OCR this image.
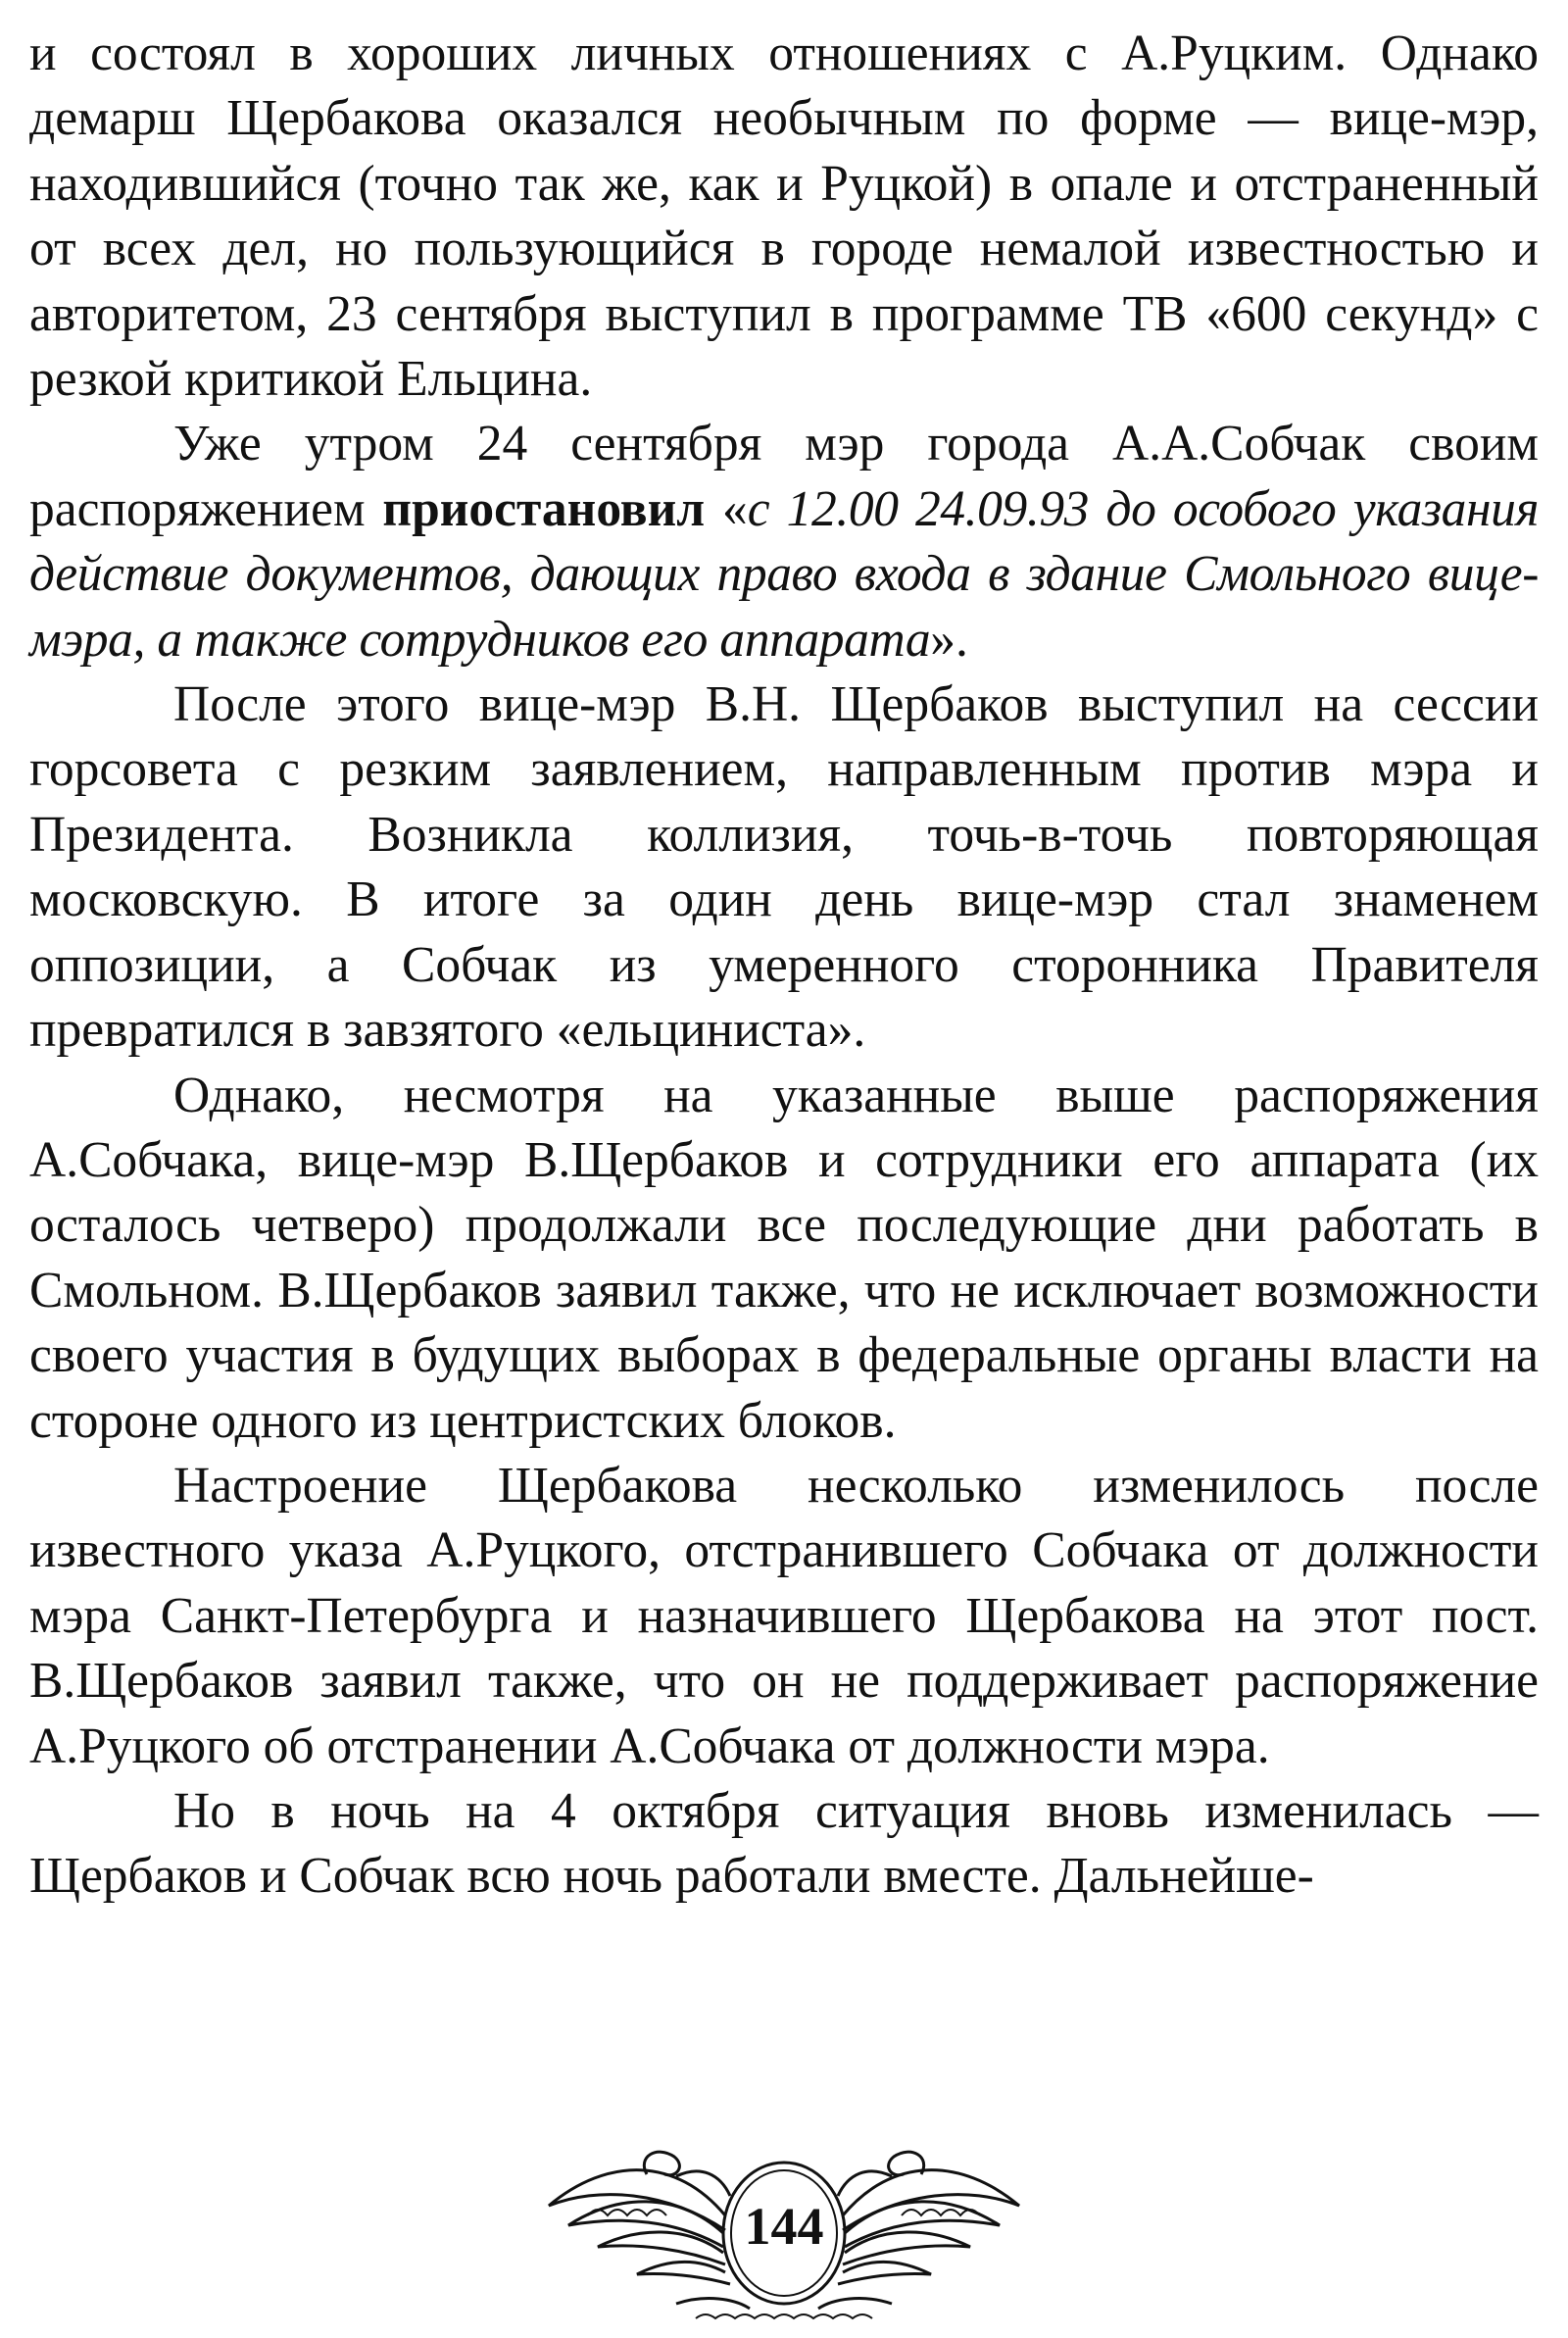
и состоял в хороших личных отношениях с А.Руцким. Однако демарш Щербакова оказался необычным по форме — вице-мэр, находившийся (точно так же, как и Руцкой) в опале и отстраненный от всех дел, но пользующийся в городе немалой известностью и авторитетом, 23 сентября выступил в программе ТВ «600 секунд» с резкой критикой Ельцина.

Уже утром 24 сентября мэр города А.А.Собчак своим распоряжением приостановил «с 12.00 24.09.93 до особого указания действие документов, дающих право входа в здание Смольного вице-мэра, а также сотрудников его аппарата».

После этого вице-мэр В.Н. Щербаков выступил на сессии горсовета с резким заявлением, направленным против мэра и Президента. Возникла коллизия, точь-в-точь повторяющая московскую. В итоге за один день вице-мэр стал знаменем оппозиции, а Собчак из умеренного сторонника Правителя превратился в завзятого «ельциниста».

Однако, несмотря на указанные выше распоряжения А.Собчака, вице-мэр В.Щербаков и сотрудники его аппарата (их осталось четверо) продолжали все последующие дни работать в Смольном. В.Щербаков заявил также, что не исключает возможности своего участия в будущих выборах в федеральные органы власти на стороне одного из центристских блоков.

Настроение Щербакова несколько изменилось после известного указа А.Руцкого, отстранившего Собчака от должности мэра Санкт-Петербурга и назначившего Щербакова на этот пост. В.Щербаков заявил также, что он не поддерживает распоряжение А.Руцкого об отстранении А.Собчака от должности мэра.

Но в ночь на 4 октября ситуация вновь изменилась — Щербаков и Собчак всю ночь работали вместе. Дальнейше-

144
